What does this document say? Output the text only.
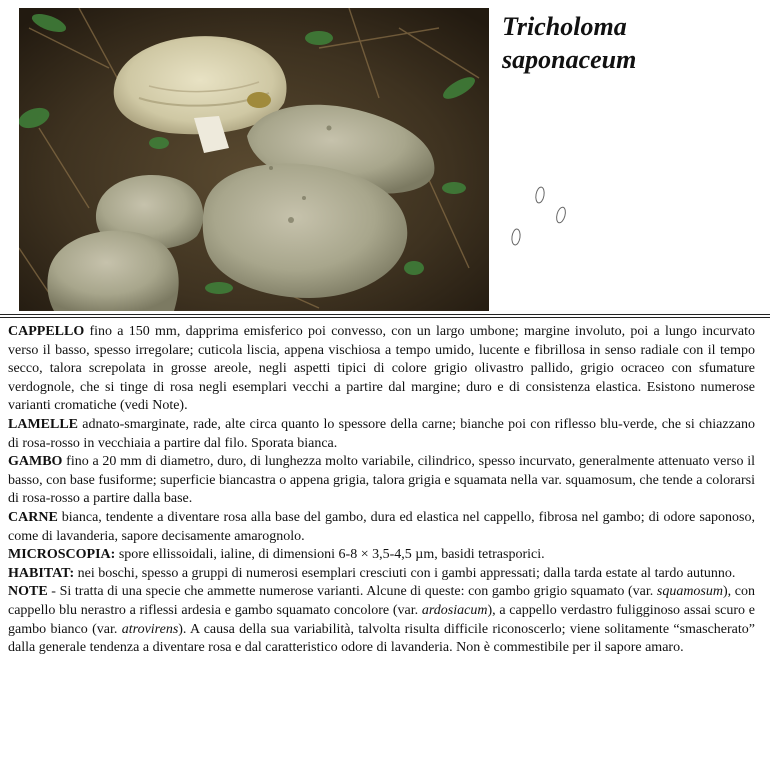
Tricholoma
saponaceum

CAPPELLO fino a 150 mm, dapprima emisferico poi convesso, con un largo umbone; margine involuto, poi a lungo incurvato verso il basso, spesso irregolare; cuticola liscia, appena vischiosa a tempo umido, lucente e fibrillosa in senso radiale con il tempo secco, talora screpolata in grosse areole, negli aspetti tipici di colore grigio olivastro pallido, grigio ocraceo con sfumature verdognole, che si tinge di rosa negli esemplari vecchi a partire dal margine; duro e di consistenza elastica. Esistono numerose varianti cromatiche (vedi Note).

LAMELLE adnato-smarginate, rade, alte circa quanto lo spessore della carne; bianche poi con riflesso blu-verde, che si chiazzano di rosa-rosso in vecchiaia a partire dal filo. Sporata bianca.

GAMBO fino a 20 mm di diametro, duro, di lunghezza molto variabile, cilindrico, spesso incurvato, generalmente attenuato verso il basso, con base fusiforme; superficie biancastra o appena grigia, talora grigia e squamata nella var. squamosum, che tende a colorarsi di rosa-rosso a partire dalla base.

CARNE bianca, tendente a diventare rosa alla base del gambo, dura ed elastica nel cappello, fibrosa nel gambo; di odore saponoso, come di lavanderia, sapore decisamente amarognolo.

MICROSCOPIA: spore ellissoidali, ialine, di dimensioni 6-8 × 3,5-4,5 µm, basidi tetrasporici.

HABITAT: nei boschi, spesso a gruppi di numerosi esemplari cresciuti con i gambi appressati; dalla tarda estate al tardo autunno.

NOTE - Si tratta di una specie che ammette numerose varianti. Alcune di queste: con gambo grigio squamato (var. squamosum), con cappello blu nerastro a riflessi ardesia e gambo squamato concolore (var. ardosiacum), a cappello verdastro fuligginoso assai scuro e gambo bianco (var. atrovirens). A causa della sua variabilità, talvolta risulta difficile riconoscerlo; viene solitamente “smascherato” dalla generale tendenza a diventare rosa e dal caratteristico odore di lavanderia. Non è commestibile per il sapore amaro.
